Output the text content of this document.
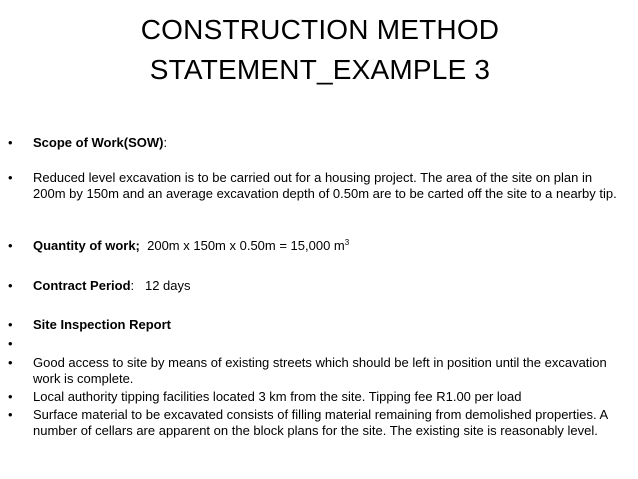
CONSTRUCTION METHOD
STATEMENT_EXAMPLE 3
•	Scope of Work(SOW):
•	Reduced level excavation is to be carried out for a housing project. The area of the site on plan in 200m by 150m and an average excavation depth of 0.50m are to be carted off the site to a nearby tip.
•	Quantity of work;  200m x 150m x 0.50m = 15,000 $m^3$
•	Contract Period:   12 days
•	Site Inspection Report
•
•	Good access to site by means of existing streets which should be left in position until the excavation work is complete.
•	Local authority tipping facilities located 3 km from the site. Tipping fee R1.00 per load
•	Surface material to be excavated consists of filling material remaining from demolished properties. A number of cellars are apparent on the block plans for the site. The existing site is reasonably level.
